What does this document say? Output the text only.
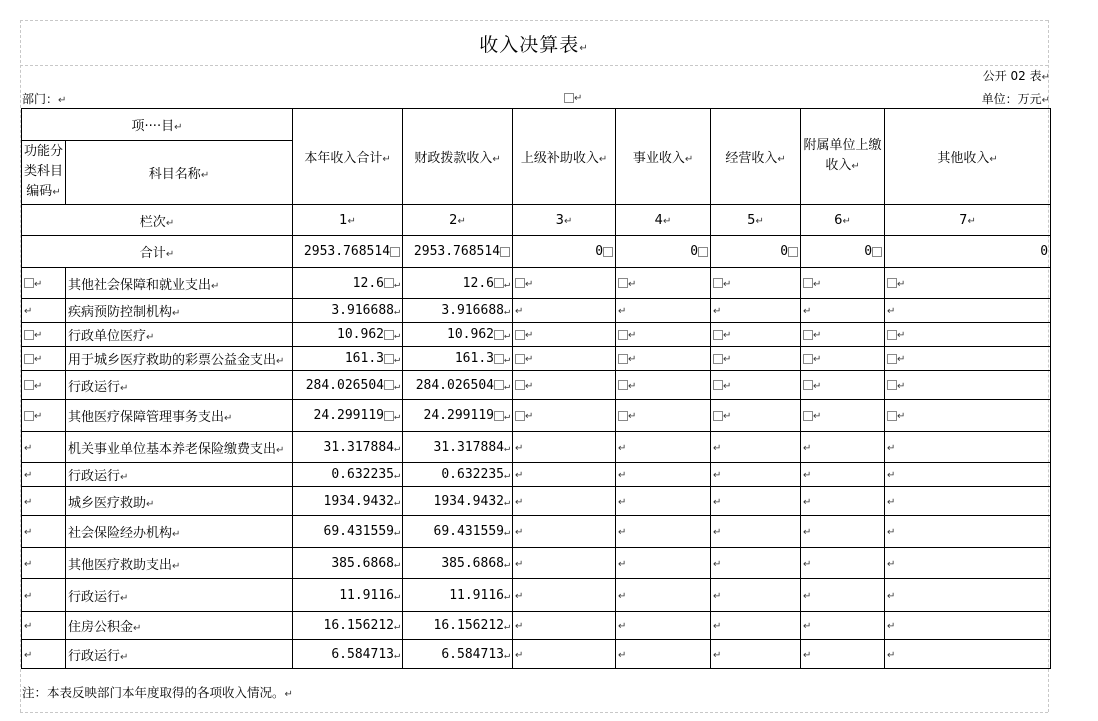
收入决算表↵
公开 02 表↵
部门：↵	↵	单位：万元↵
项····目↵		本年收入合计↵	财政拨款收入↵	上级补助收入↵	事业收入↵	经营收入↵	附属单位上缴收入↵	其他收入↵
功能分类科目编码↵	科目名称↵							
栏次↵		1↵	2↵	3↵	4↵	5↵	6↵	7↵
合计↵		2953.768514	2953.768514	0	0	0	0	0
↵	其他社会保障和就业支出↵	12.6 ↵	12.6 ↵	↵	↵	↵	↵	↵
↵	疾病预防控制机构↵	3.916688↵	3.916688↵	↵	↵	↵	↵	↵
↵	行政单位医疗↵	10.962 ↵	10.962 ↵	↵	↵	↵	↵	↵
↵	用于城乡医疗救助的彩票公益金支出↵	161.3 ↵	161.3 ↵	↵	↵	↵	↵	↵
↵	行政运行↵	284.026504 ↵	284.026504 ↵	↵	↵	↵	↵	↵
↵	其他医疗保障管理事务支出↵	24.299119 ↵	24.299119 ↵	↵	↵	↵	↵	↵
↵	机关事业单位基本养老保险缴费支出↵	31.317884↵	31.317884↵	↵	↵	↵	↵	↵
↵	行政运行↵	0.632235↵	0.632235↵	↵	↵	↵	↵	↵
↵	城乡医疗救助↵	1934.9432↵	1934.9432↵	↵	↵	↵	↵	↵
↵	社会保险经办机构↵	69.431559↵	69.431559↵	↵	↵	↵	↵	↵
↵	其他医疗救助支出↵	385.6868↵	385.6868↵	↵	↵	↵	↵	↵
↵	行政运行↵	11.9116↵	11.9116↵	↵	↵	↵	↵	↵
↵	住房公积金↵	16.156212↵	16.156212↵	↵	↵	↵	↵	↵
↵	行政运行↵	6.584713↵	6.584713↵	↵	↵	↵	↵	↵
注：本表反映部门本年度取得的各项收入情况。↵
